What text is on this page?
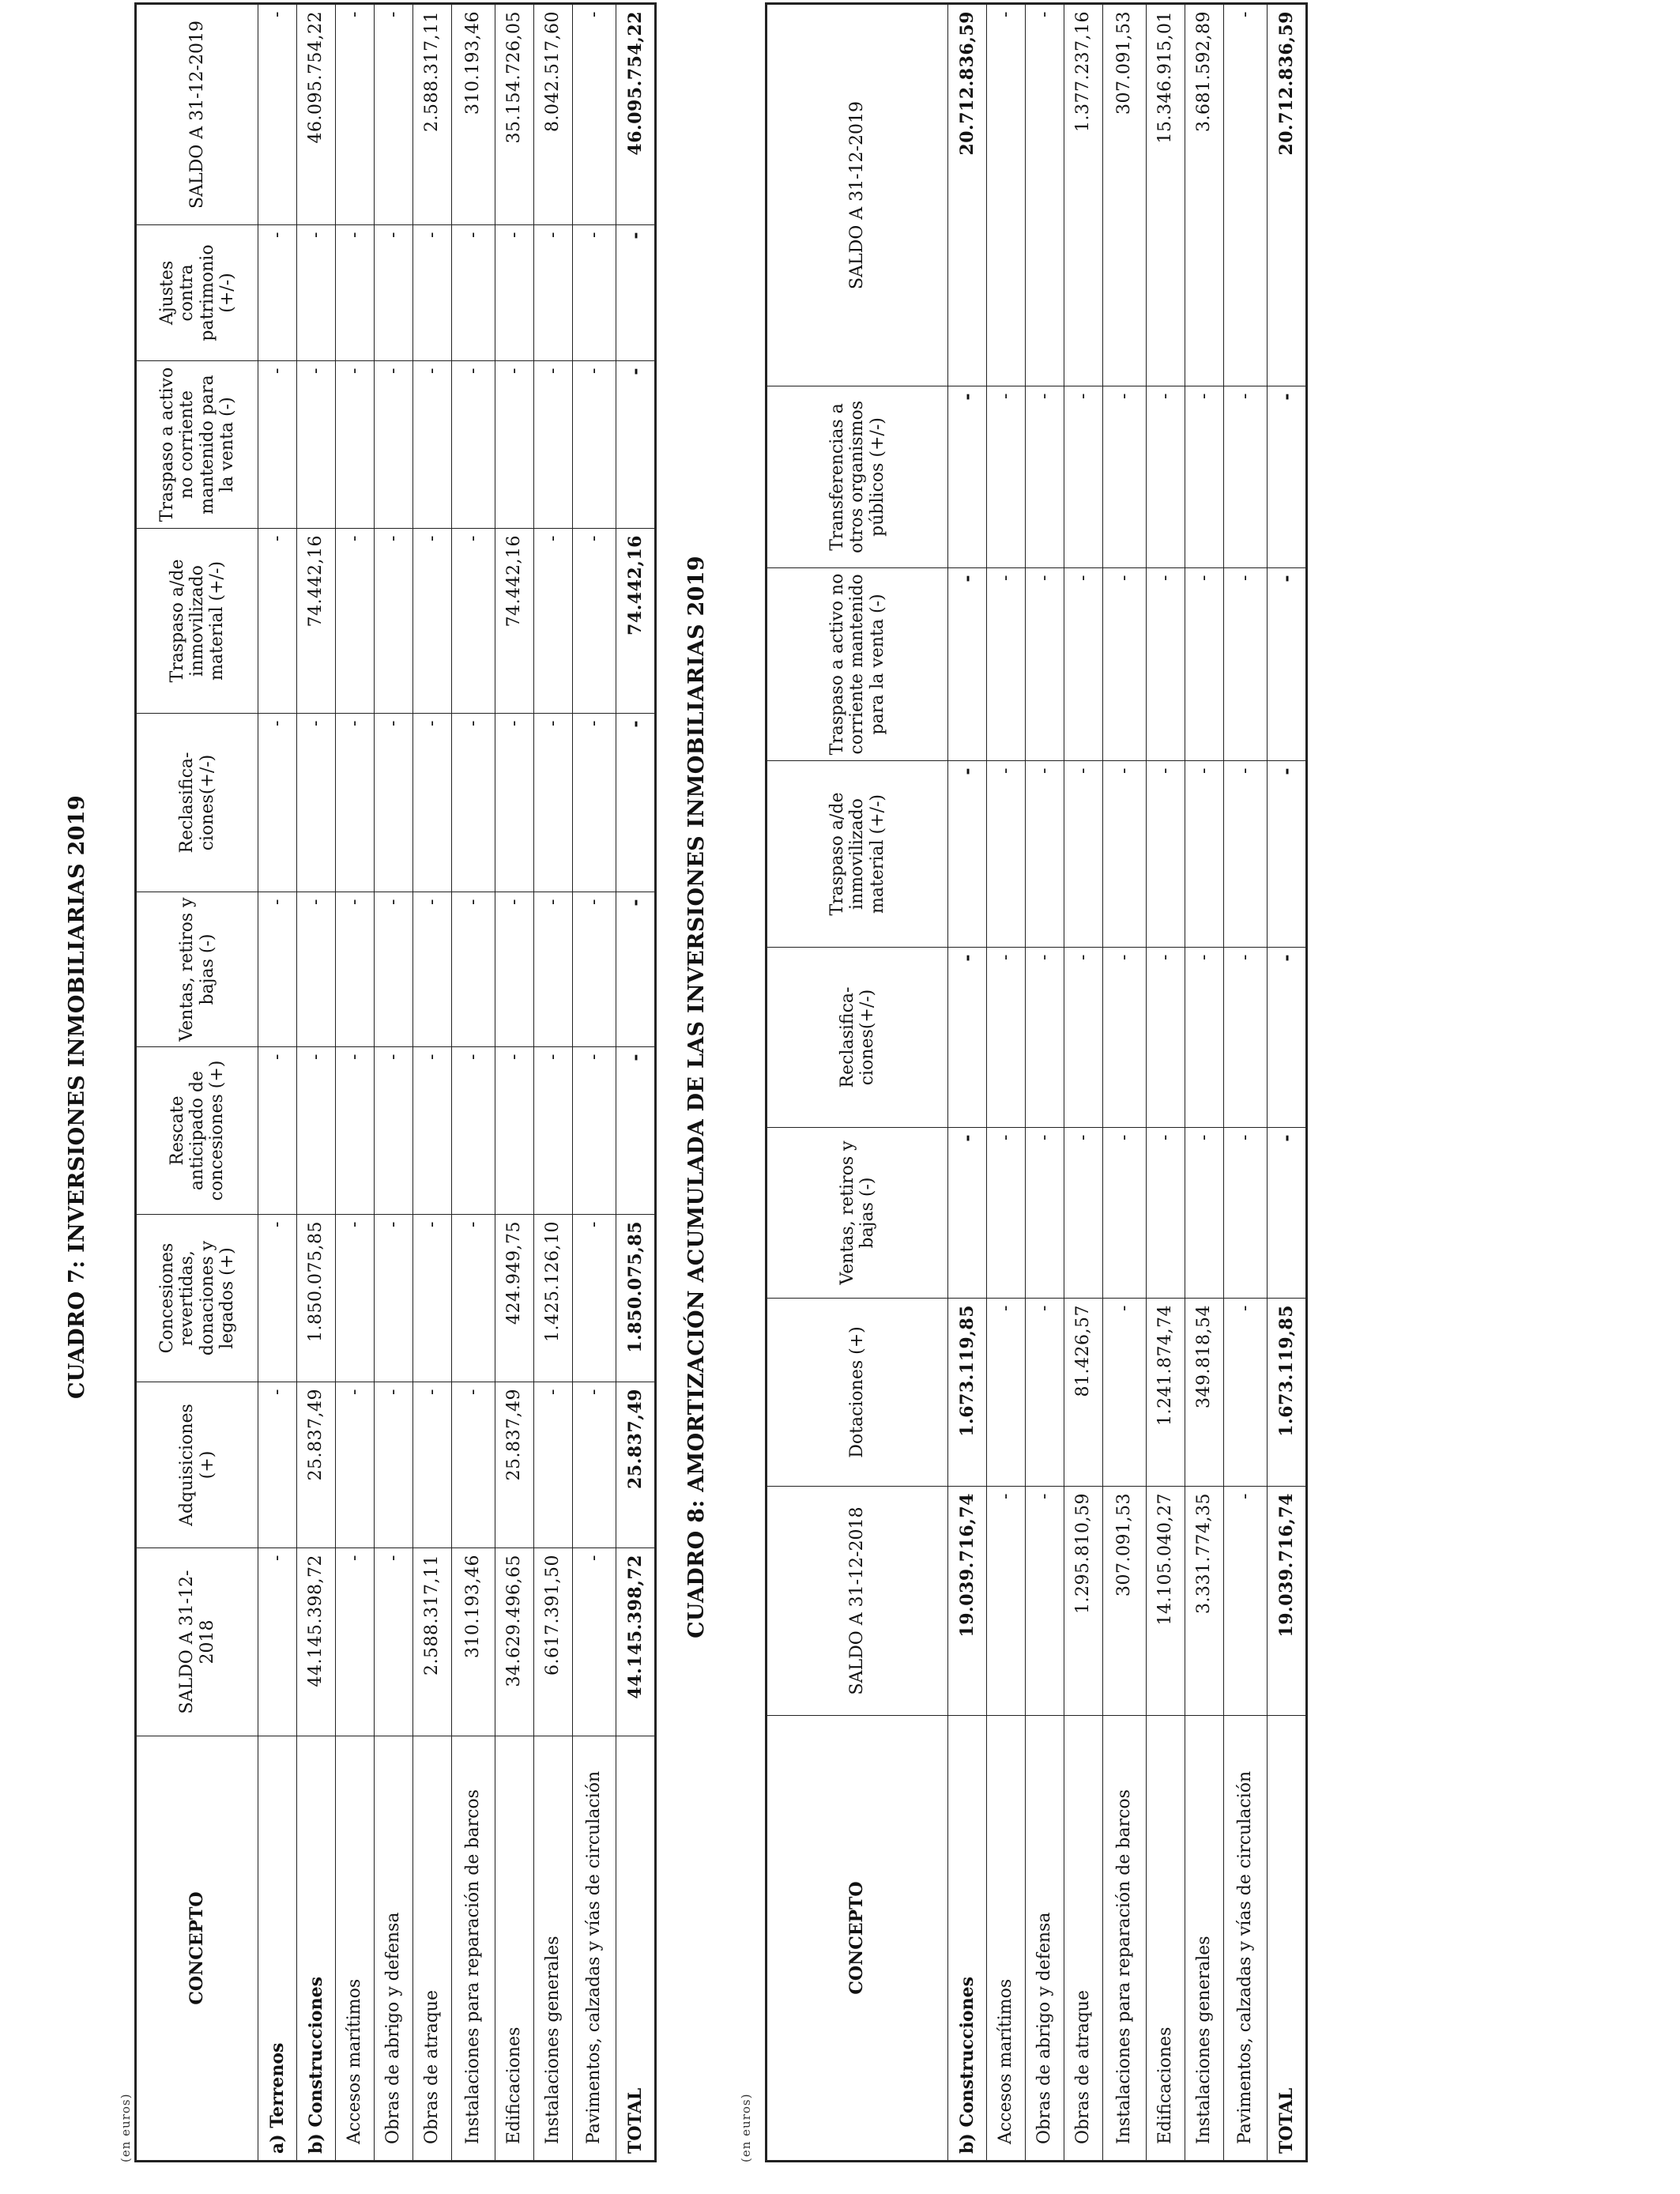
CUADRO 7: INVERSIONES INMOBILIARIAS 2019
(en euros)
CONCEPTO	SALDO A 31-12-2018	Adquisiciones (+)	Concesiones revertidas, donaciones y legados (+)	Rescate anticipado de concesiones (+)	Ventas, retiros y bajas (-)	Reclasifica-ciones(+/-)	Traspaso a/de inmovilizado material (+/-)	Traspaso a activo no corriente mantenido para la venta (-)	Ajustes contra patrimonio (+/-)	SALDO A 31-12-2019
a) Terrenos	-	-	-	-	-	-	-	-	-	-
b) Construcciones	44.145.398,72	25.837,49	1.850.075,85	-	-	-	74.442,16	-	-	46.095.754,22
Accesos marítimos	-	-	-	-	-	-	-	-	-	-
Obras de abrigo y defensa	-	-	-	-	-	-	-	-	-	-
Obras de atraque	2.588.317,11	-	-	-	-	-	-	-	-	2.588.317,11
Instalaciones para reparación de barcos	310.193,46	-	-	-	-	-	-	-	-	310.193,46
Edificaciones	34.629.496,65	25.837,49	424.949,75	-	-	-	74.442,16	-	-	35.154.726,05
Instalaciones generales	6.617.391,50	-	1.425.126,10	-	-	-	-	-	-	8.042.517,60
Pavimentos, calzadas y vías de circulación	-	-	-	-	-	-	-	-	-	-
TOTAL	44.145.398,72	25.837,49	1.850.075,85	-	-	-	74.442,16	-	-	46.095.754,22
CUADRO 8: AMORTIZACIÓN ACUMULADA DE LAS INVERSIONES INMOBILIARIAS 2019
(en euros)
CONCEPTO	SALDO A 31-12-2018	Dotaciones (+)	Ventas, retiros y bajas (-)	Reclasifica-ciones(+/-)	Traspaso a/de inmovilizado material (+/-)	Traspaso a activo no corriente mantenido para la venta (-)	Transferencias a otros organismos públicos (+/-)	SALDO A 31-12-2019
b) Construcciones	19.039.716,74	1.673.119,85	-	-	-	-	-	20.712.836,59
Accesos marítimos	-	-	-	-	-	-	-	-
Obras de abrigo y defensa	-	-	-	-	-	-	-	-
Obras de atraque	1.295.810,59	81.426,57	-	-	-	-	-	1.377.237,16
Instalaciones para reparación de barcos	307.091,53	-	-	-	-	-	-	307.091,53
Edificaciones	14.105.040,27	1.241.874,74	-	-	-	-	-	15.346.915,01
Instalaciones generales	3.331.774,35	349.818,54	-	-	-	-	-	3.681.592,89
Pavimentos, calzadas y vías de circulación	-	-	-	-	-	-	-	-
TOTAL	19.039.716,74	1.673.119,85	-	-	-	-	-	20.712.836,59
